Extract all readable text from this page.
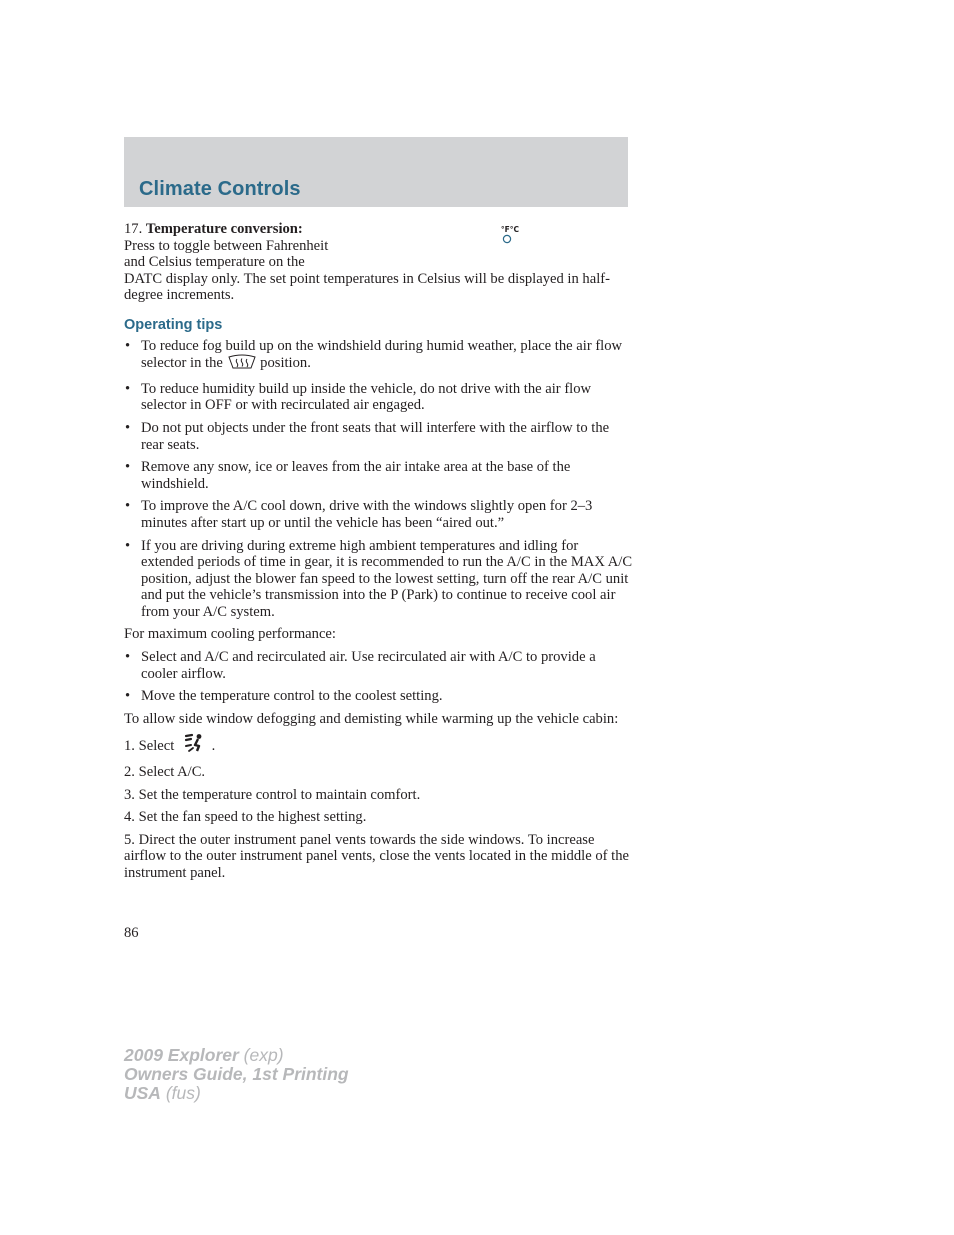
Climate Controls

17. Temperature conversion:
Press to toggle between Fahrenheit
and Celsius temperature on the
DATC display only. The set point temperatures in Celsius will be displayed in half-degree increments.

°F°C
Operating tips
• To reduce fog build up on the windshield during humid weather, place the air flow selector in the	position.
• To reduce humidity build up inside the vehicle, do not drive with the air flow selector in OFF or with recirculated air engaged.
• Do not put objects under the front seats that will interfere with the airflow to the rear seats.
• Remove any snow, ice or leaves from the air intake area at the base of the windshield.
• To improve the A/C cool down, drive with the windows slightly open for 2–3 minutes after start up or until the vehicle has been “aired out.”
• If you are driving during extreme high ambient temperatures and idling for extended periods of time in gear, it is recommended to run the A/C in the MAX A/C position, adjust the blower fan speed to the lowest setting, turn off the rear A/C unit and put the vehicle’s transmission into the P (Park) to continue to receive cool air from your A/C system.

For maximum cooling performance:

• Select and A/C and recirculated air. Use recirculated air with A/C to provide a cooler airflow.
• Move the temperature control to the coolest setting.

To allow side window defogging and demisting while warming up the vehicle cabin:

1. Select	.

2. Select A/C.

3. Set the temperature control to maintain comfort.

4. Set the fan speed to the highest setting.

5. Direct the outer instrument panel vents towards the side windows. To increase airflow to the outer instrument panel vents, close the vents located in the middle of the instrument panel.

86
2009 Explorer (exp)
Owners Guide, 1st Printing
USA (fus)
